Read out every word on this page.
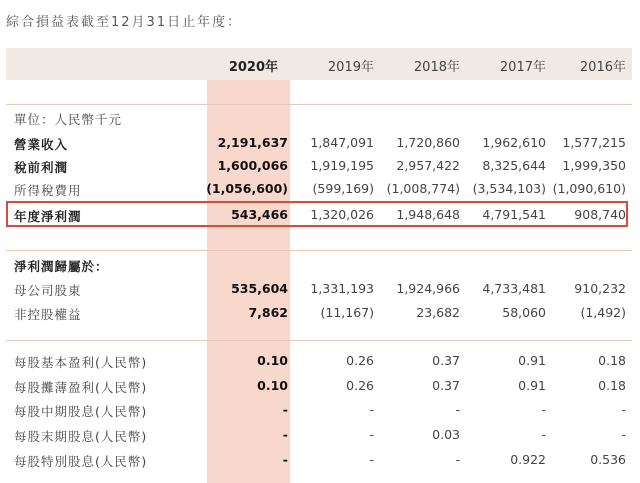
綜合損益表截至12月31日止年度：
2020年	2019年	2018年	2017年	2016年
單位：人民幣千元
營業收入	2,191,637	1,847,091	1,720,860	1,962,610	1,577,215
稅前利潤	1,600,066	1,919,195	2,957,422	8,325,644	1,999,350
所得稅費用	(1,056,600)	(599,169)	(1,008,774)	(3,534,103) (1,090,610)
年度淨利潤	543,466	1,320,026	1,948,648	4,791,541	908,740
淨利潤歸屬於：
母公司股東	535,604	1,331,193	1,924,966	4,733,481	910,232
非控股權益	7,862	(11,167)	23,682	58,060	(1,492)
每股基本盈利(人民幣)	0.10	0.26	0.37	0.91	0.18
每股攤薄盈利(人民幣)	0.10	0.26	0.37	0.91	0.18
每股中期股息(人民幣)	-	-	-	-	-
每股末期股息(人民幣)	-	-	0.03	-	-
每股特別股息(人民幣)	-	-	-	0.922	0.536
